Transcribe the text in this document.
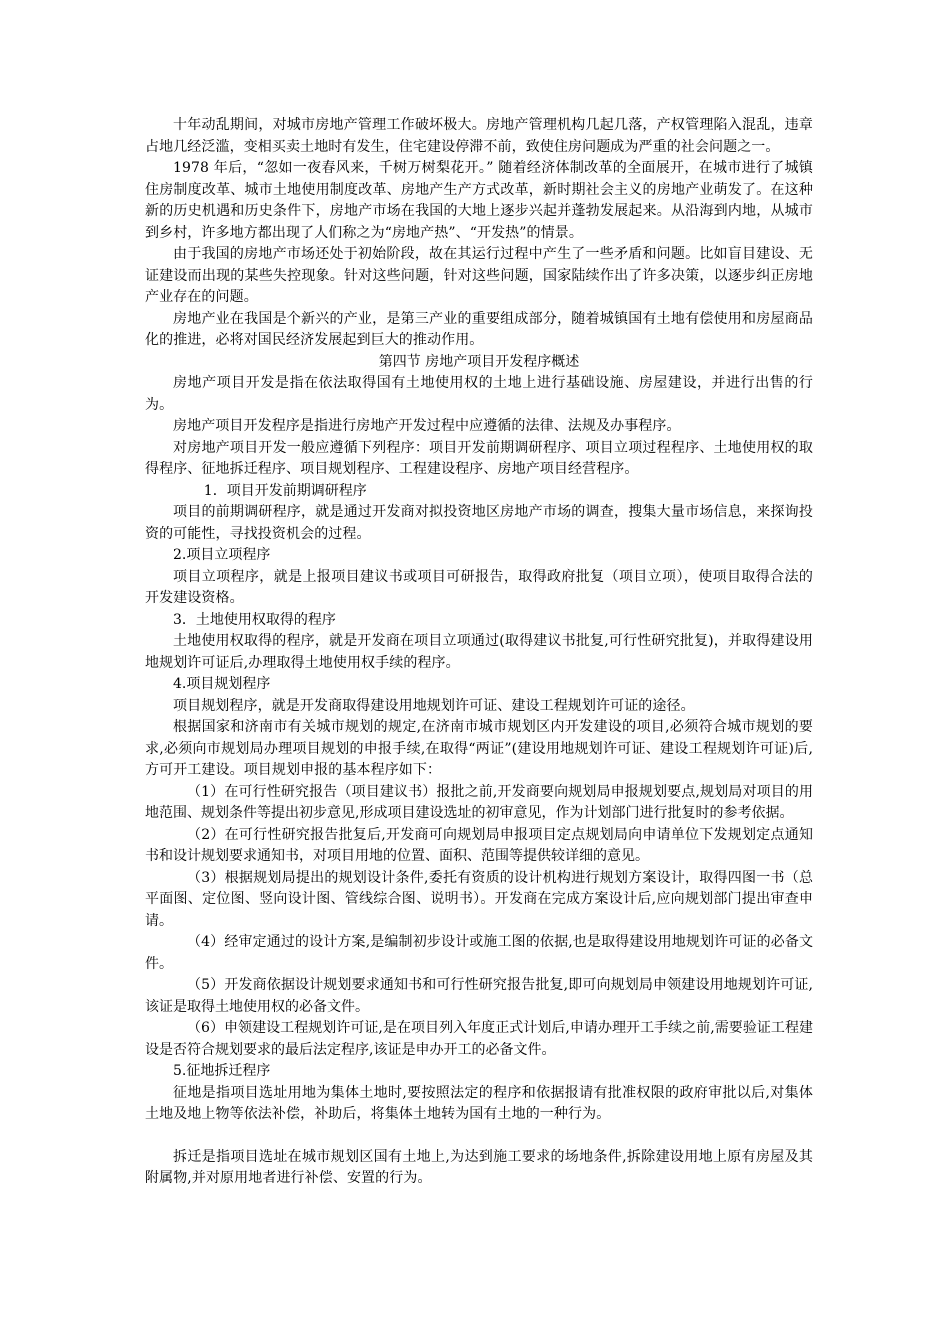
十年动乱期间，对城市房地产管理工作破坏极大。房地产管理机构几起几落，产权管理陷入混乱，违章占地几经泛滥，变相买卖土地时有发生，住宅建设停滞不前，致使住房问题成为严重的社会问题之一。

1978 年后，“忽如一夜春风来，千树万树梨花开。” 随着经济体制改革的全面展开，在城市进行了城镇住房制度改革、城市土地使用制度改革、房地产生产方式改革，新时期社会主义的房地产业萌发了。在这种新的历史机遇和历史条件下，房地产市场在我国的大地上逐步兴起并蓬勃发展起来。从沿海到内地，从城市到乡村，许多地方都出现了人们称之为“房地产热”、“开发热”的情景。

由于我国的房地产市场还处于初始阶段，故在其运行过程中产生了一些矛盾和问题。比如盲目建设、无证建设而出现的某些失控现象。针对这些问题，针对这些问题，国家陆续作出了许多决策，以逐步纠正房地产业存在的问题。

房地产业在我国是个新兴的产业，是第三产业的重要组成部分，随着城镇国有土地有偿使用和房屋商品化的推进，必将对国民经济发展起到巨大的推动作用。

第四节 房地产项目开发程序概述

房地产项目开发是指在依法取得国有土地使用权的土地上进行基础设施、房屋建设，并进行出售的行为。

房地产项目开发程序是指进行房地产开发过程中应遵循的法律、法规及办事程序。

对房地产项目开发一般应遵循下列程序：项目开发前期调研程序、项目立项过程程序、土地使用权的取得程序、征地拆迁程序、项目规划程序、工程建设程序、房地产项目经营程序。

1．项目开发前期调研程序

项目的前期调研程序，就是通过开发商对拟投资地区房地产市场的调查，搜集大量市场信息，来探询投资的可能性，寻找投资机会的过程。

2.项目立项程序

项目立项程序，就是上报项目建议书或项目可研报告，取得政府批复（项目立项），使项目取得合法的开发建设资格。

3．土地使用权取得的程序

土地使用权取得的程序，就是开发商在项目立项通过(取得建议书批复,可行性研究批复)，并取得建设用地规划许可证后,办理取得土地使用权手续的程序。

4.项目规划程序

项目规划程序，就是开发商取得建设用地规划许可证、建设工程规划许可证的途径。

根据国家和济南市有关城市规划的规定,在济南市城市规划区内开发建设的项目,必须符合城市规划的要求,必须向市规划局办理项目规划的申报手续,在取得“两证”(建设用地规划许可证、建设工程规划许可证)后,方可开工建设。项目规划申报的基本程序如下：

（1）在可行性研究报告（项目建议书）报批之前,开发商要向规划局申报规划要点,规划局对项目的用地范围、规划条件等提出初步意见,形成项目建设选址的初审意见，作为计划部门进行批复时的参考依据。

（2）在可行性研究报告批复后,开发商可向规划局申报项目定点规划局向申请单位下发规划定点通知书和设计规划要求通知书，对项目用地的位置、面积、范围等提供较详细的意见。

（3）根据规划局提出的规划设计条件,委托有资质的设计机构进行规划方案设计，取得四图一书（总平面图、定位图、竖向设计图、管线综合图、说明书）。开发商在完成方案设计后,应向规划部门提出审查申请。

（4）经审定通过的设计方案,是编制初步设计或施工图的依据,也是取得建设用地规划许可证的必备文件。

（5）开发商依据设计规划要求通知书和可行性研究报告批复,即可向规划局申领建设用地规划许可证,该证是取得土地使用权的必备文件。

（6）申领建设工程规划许可证,是在项目列入年度正式计划后,申请办理开工手续之前,需要验证工程建设是否符合规划要求的最后法定程序,该证是申办开工的必备文件。

5.征地拆迁程序

征地是指项目选址用地为集体土地时,要按照法定的程序和依据报请有批准权限的政府审批以后,对集体土地及地上物等依法补偿，补助后，将集体土地转为国有土地的一种行为。

拆迁是指项目选址在城市规划区国有土地上,为达到施工要求的场地条件,拆除建设用地上原有房屋及其附属物,并对原用地者进行补偿、安置的行为。
